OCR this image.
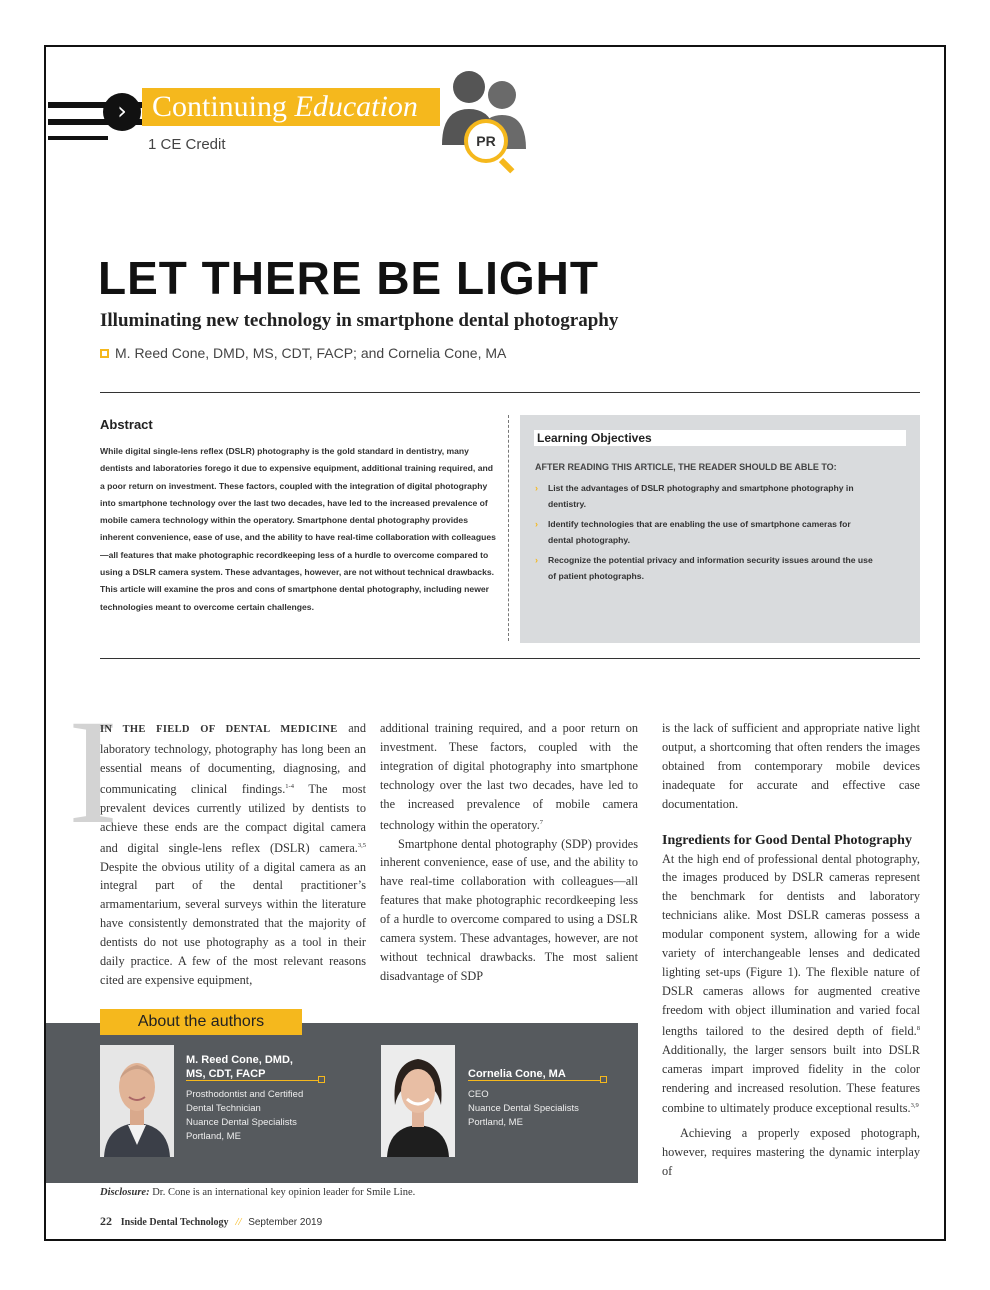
› Continuing Education
1 CE Credit	PR
LET THERE BE LIGHT
Illuminating new technology in smartphone dental photography
M. Reed Cone, DMD, MS, CDT, FACP; and Cornelia Cone, MA
Abstract
While digital single-lens reflex (DSLR) photography is the gold standard in dentistry, many dentists and laboratories forego it due to expensive equipment, additional training required, and a poor return on investment. These factors, coupled with the integration of digital photography into smartphone technology over the last two decades, have led to the increased prevalence of mobile camera technology within the operatory. Smartphone dental photography provides inherent convenience, ease of use, and the ability to have real-time collaboration with colleagues—all features that make photographic recordkeeping less of a hurdle to overcome compared to using a DSLR camera system. These advantages, however, are not without technical drawbacks. This article will examine the pros and cons of smartphone dental photography, including newer technologies meant to overcome certain challenges.
Learning Objectives
AFTER READING THIS ARTICLE, THE READER SHOULD BE ABLE TO:
› List the advantages of DSLR photography and smartphone photography in dentistry.
› Identify technologies that are enabling the use of smartphone cameras for dental photography.
› Recognize the potential privacy and information security issues around the use of patient photographs.
I

IN THE FIELD OF DENTAL MEDICINE and laboratory technology, photography has long been an essential means of documenting, diagnosing, and communicating clinical findings.$^{1-4}$ The most prevalent devices currently utilized by dentists to achieve these ends are the compact digital camera and digital single-lens reflex (DSLR) camera.$^{3,5}$ Despite the obvious utility of a digital camera as an integral part of the dental practitioner’s armamentarium, several surveys within the literature have consistently demonstrated that the majority of dentists do not use photography as a tool in their daily practice. A few of the most relevant reasons cited are expensive equipment,

additional training required, and a poor return on investment. These factors, coupled with the integration of digital photography into smartphone technology over the last two decades, have led to the increased prevalence of mobile camera technology within the operatory.$^7$

Smartphone dental photography (SDP) provides inherent convenience, ease of use, and the ability to have real-time collaboration with colleagues—all features that make photographic recordkeeping less of a hurdle to overcome compared to using a DSLR camera system. These advantages, however, are not without technical drawbacks. The most salient disadvantage of SDP

is the lack of sufficient and appropriate native light output, a shortcoming that often renders the images obtained from contemporary mobile devices inadequate for accurate and effective case documentation.

Ingredients for Good Dental Photography

At the high end of professional dental photography, the images produced by DSLR cameras represent the benchmark for dentists and laboratory technicians alike. Most DSLR cameras possess a modular component system, allowing for a wide variety of interchangeable lenses and dedicated lighting set-ups (Figure 1). The flexible nature of DSLR cameras allows for augmented creative freedom with object illumination and varied focal lengths tailored to the desired depth of field.$^8$ Additionally, the larger sensors built into DSLR cameras impart improved fidelity in the color rendering and increased resolution. These features combine to ultimately produce exceptional results.$^{3,9}$

Achieving a properly exposed photograph, however, requires mastering the dynamic interplay of

About the authors
M. Reed Cone, DMD,
MS, CDT, FACP
Prosthodontist and Certified
Dental Technician
Nuance Dental Specialists
Portland, ME
Cornelia Cone, MA
CEO
Nuance Dental Specialists
Portland, ME
Disclosure: Dr. Cone is an international key opinion leader for Smile Line.
22 Inside Dental Technology // September 2019
